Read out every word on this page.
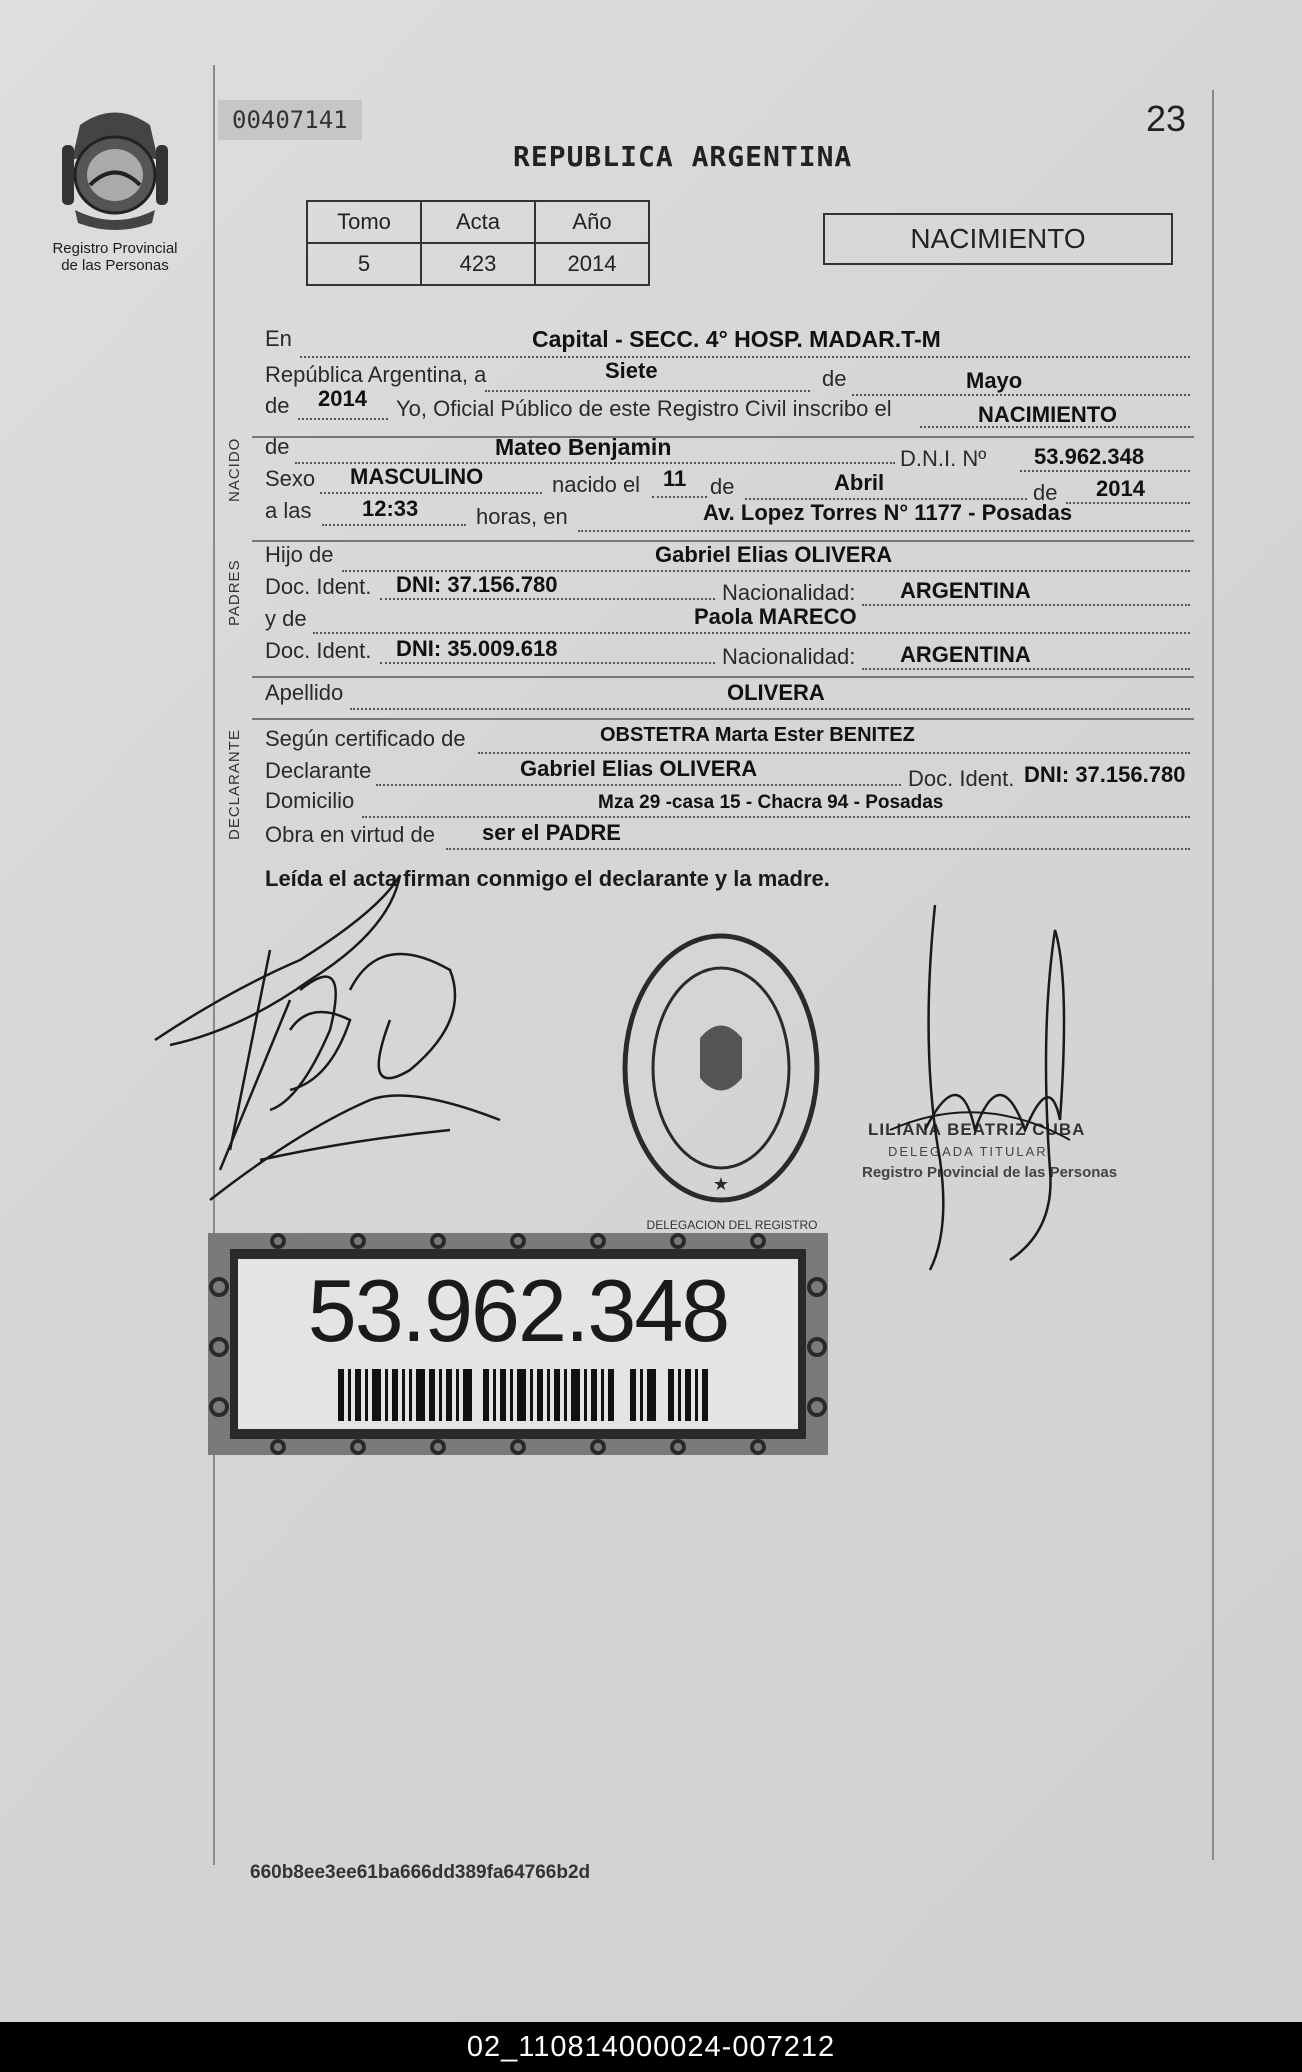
Registro Provincial
de las Personas
00407141	23
REPUBLICA ARGENTINA
Tomo	Acta	Año
5	423	2014
NACIMIENTO
En	Capital - SECC. 4° HOSP. MADAR.T-M
República Argentina, a	Siete	de	Mayo
de 2014 Yo, Oficial Público de este Registro Civil inscribo el	NACIMIENTO
NACIDO de	Mateo Benjamin	D.N.I. Nº 53.962.348
Sexo MASCULINO	nacido el 11 de	Abril	de 2014
a las 12:33	horas, en	Av. Lopez Torres N° 1177 - Posadas
PADRES
Hijo de	Gabriel Elias OLIVERA
Doc. Ident. DNI: 37.156.780	Nacionalidad: ARGENTINA
y de	Paola MARECO
Doc. Ident. DNI: 35.009.618	Nacionalidad: ARGENTINA
Apellido	OLIVERA
DECLARANTE Según certificado de	OBSTETRA Marta Ester BENITEZ
Declarante	Gabriel Elias OLIVERA	Doc. Ident. DNI: 37.156.780
Domicilio	Mza 29 -casa 15 - Chacra 94 - Posadas
Obra en virtud de ser el PADRE
Leída el acta firman conmigo el declarante y la madre.
★
DELEGACION DEL REGISTRO
LILIANA BEATRIZ CUBA
DELEGADA TITULAR
Registro Provincial de las Personas
53.962.348
660b8ee3ee61ba666dd389fa64766b2d
02_110814000024-007212
